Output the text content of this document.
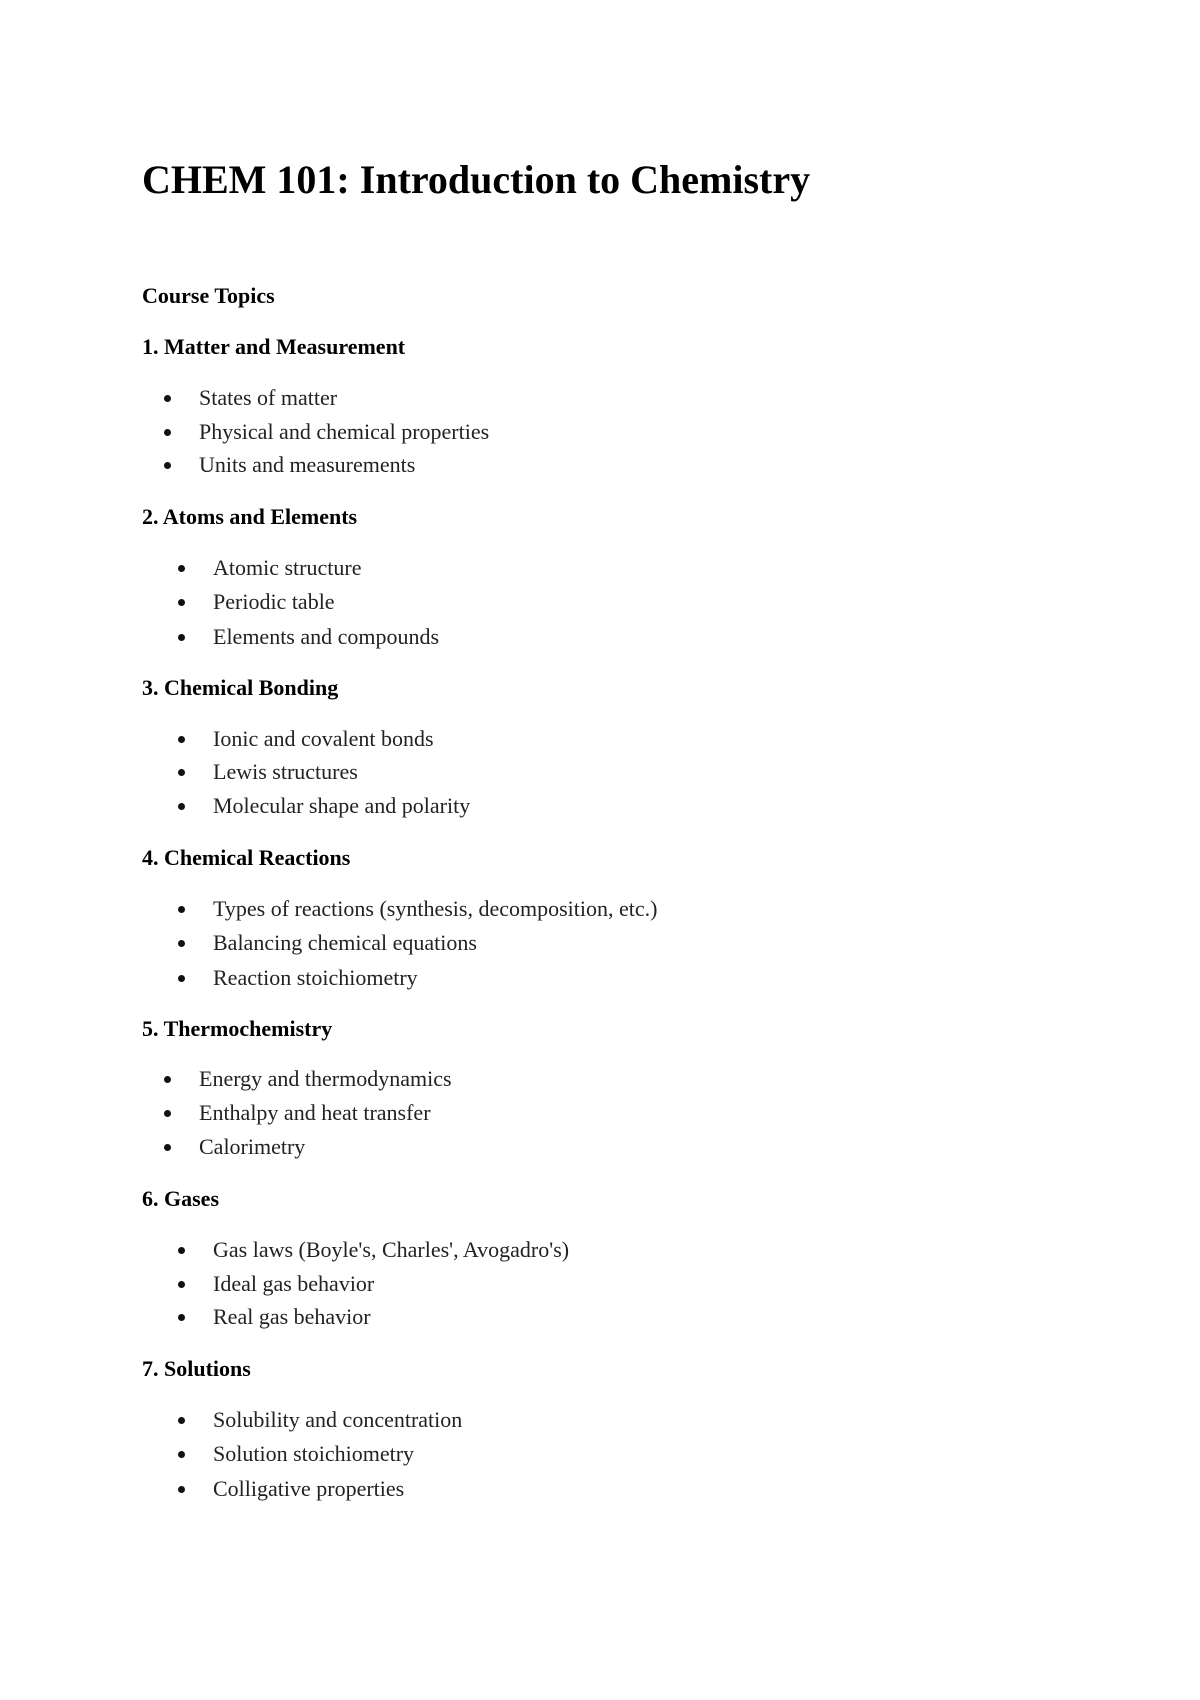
CHEM 101: Introduction to Chemistry
Course Topics
1. Matter and Measurement
States of matter
Physical and chemical properties
Units and measurements
2. Atoms and Elements
Atomic structure
Periodic table
Elements and compounds
3. Chemical Bonding
Ionic and covalent bonds
Lewis structures
Molecular shape and polarity
4. Chemical Reactions
Types of reactions (synthesis, decomposition, etc.)
Balancing chemical equations
Reaction stoichiometry
5. Thermochemistry
Energy and thermodynamics
Enthalpy and heat transfer
Calorimetry
6. Gases
Gas laws (Boyle's, Charles', Avogadro's)
Ideal gas behavior
Real gas behavior
7. Solutions
Solubility and concentration
Solution stoichiometry
Colligative properties
